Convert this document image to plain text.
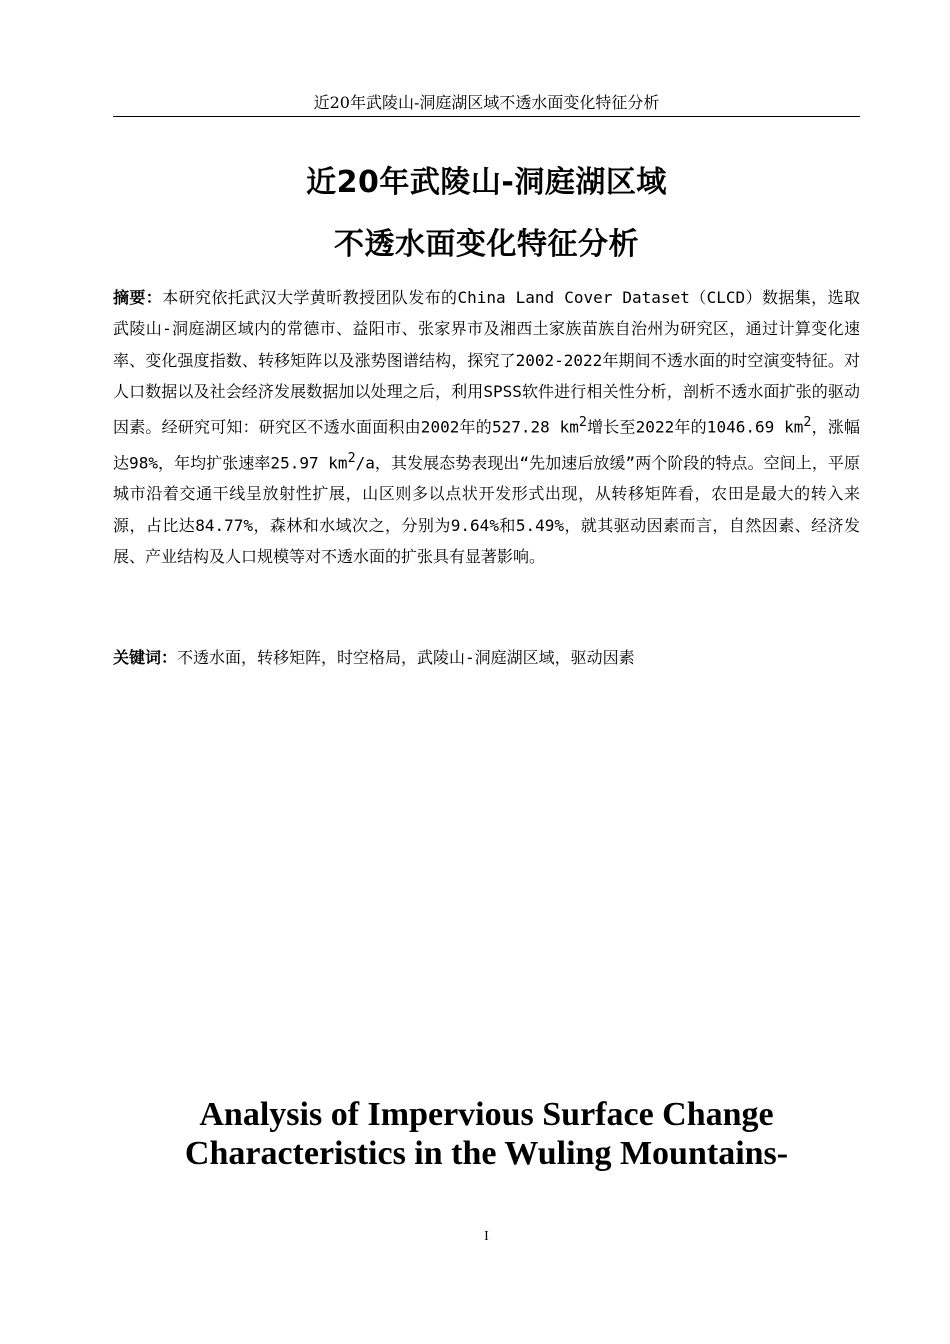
近20年武陵山-洞庭湖区域不透水面变化特征分析
近20年武陵山-洞庭湖区域
不透水面变化特征分析
摘要：本研究依托武汉大学黄昕教授团队发布的China Land Cover Dataset（CLCD）数据集，选取武陵山-洞庭湖区域内的常德市、益阳市、张家界市及湘西土家族苗族自治州为研究区，通过计算变化速率、变化强度指数、转移矩阵以及涨势图谱结构，探究了2002-2022年期间不透水面的时空演变特征。对人口数据以及社会经济发展数据加以处理之后，利用SPSS软件进行相关性分析，剖析不透水面扩张的驱动因素。经研究可知：研究区不透水面面积由2002年的527.28 $km^2$增长至2022年的1046.69 $km^2$，涨幅达98%，年均扩张速率25.97 $km^2/a$，其发展态势表现出“先加速后放缓”两个阶段的特点。空间上，平原城市沿着交通干线呈放射性扩展，山区则多以点状开发形式出现，从转移矩阵看，农田是最大的转入来源，占比达84.77%，森林和水域次之，分别为9.64%和5.49%，就其驱动因素而言，自然因素、经济发展、产业结构及人口规模等对不透水面的扩张具有显著影响。
关键词：不透水面，转移矩阵，时空格局，武陵山-洞庭湖区域，驱动因素
Analysis of Impervious Surface Change
Characteristics in the Wuling Mountains-
I
